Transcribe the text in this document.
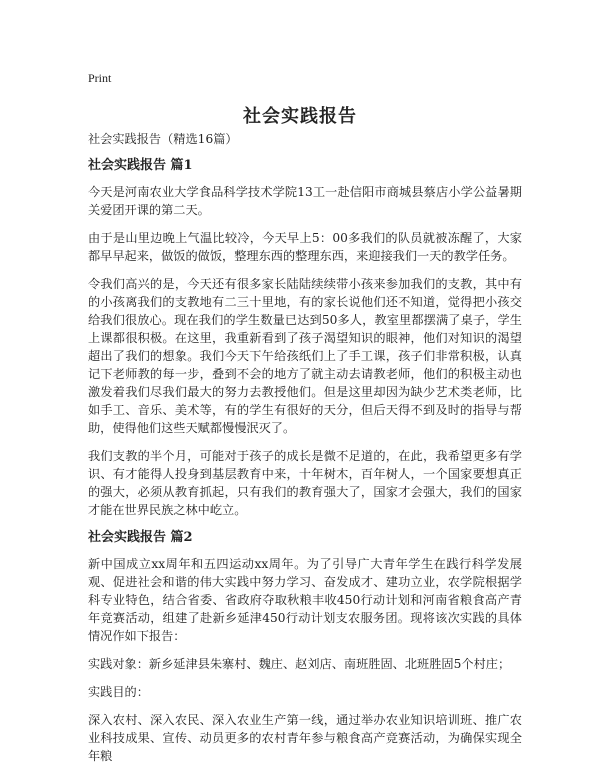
Print
社会实践报告

社会实践报告（精选16篇）

社会实践报告 篇1

今天是河南农业大学食品科学技术学院13工一赴信阳市商城县蔡店小学公益暑期关爱团开课的第二天。

由于是山里边晚上气温比较冷，今天早上5：00多我们的队员就被冻醒了，大家都早早起来，做饭的做饭，整理东西的整理东西，来迎接我们一天的教学任务。

令我们高兴的是，今天还有很多家长陆陆续续带小孩来参加我们的支教，其中有的小孩离我们的支教地有二三十里地，有的家长说他们还不知道，觉得把小孩交给我们很放心。现在我们的学生数量已达到50多人，教室里都摆满了桌子，学生上课都很积极。在这里，我重新看到了孩子渴望知识的眼神，他们对知识的渴望超出了我们的想象。我们今天下午给孩纸们上了手工课，孩子们非常积极，认真记下老师教的每一步，叠到不会的地方了就主动去请教老师，他们的积极主动也激发着我们尽我们最大的努力去教授他们。但是这里却因为缺少艺术类老师，比如手工、音乐、美术等，有的学生有很好的天分，但后天得不到及时的指导与帮助，使得他们这些天赋都慢慢泯灭了。

我们支教的半个月，可能对于孩子的成长是微不足道的，在此，我希望更多有学识、有才能得人投身到基层教育中来，十年树木，百年树人，一个国家要想真正的强大，必须从教育抓起，只有我们的教育强大了，国家才会强大，我们的国家才能在世界民族之林中屹立。

社会实践报告 篇2

新中国成立xx周年和五四运动xx周年。为了引导广大青年学生在践行科学发展观、促进社会和谐的伟大实践中努力学习、奋发成才、建功立业，农学院根据学科专业特色，结合省委、省政府夺取秋粮丰收450行动计划和河南省粮食高产青年竞赛活动，组建了赴新乡延津450行动计划支农服务团。现将该次实践的具体情况作如下报告：

实践对象：新乡延津县朱寨村、魏庄、赵刘店、南班胜固、北班胜固5个村庄；

实践目的：

深入农村、深入农民、深入农业生产第一线，通过举办农业知识培训班、推广农业科技成果、宣传、动员更多的农村青年参与粮食高产竞赛活动，为确保实现全年粮
